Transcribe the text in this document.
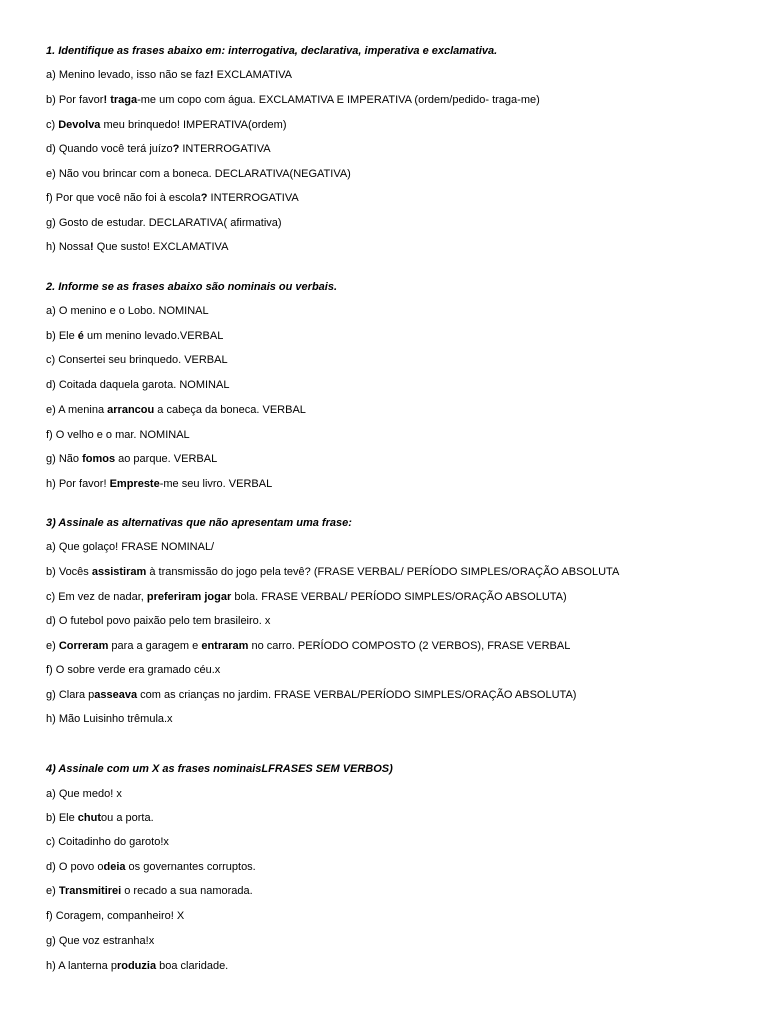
1. Identifique as frases abaixo em: interrogativa, declarativa, imperativa e exclamativa.
a) Menino levado, isso não se faz! EXCLAMATIVA
b) Por favor! traga-me um copo com água. EXCLAMATIVA E IMPERATIVA (ordem/pedido- traga-me)
c) Devolva meu brinquedo! IMPERATIVA(ordem)
d) Quando você terá juízo? INTERROGATIVA
e) Não vou brincar com a boneca. DECLARATIVA(NEGATIVA)
f) Por que você não foi à escola? INTERROGATIVA
g) Gosto de estudar. DECLARATIVA( afirmativa)
h) Nossa! Que susto! EXCLAMATIVA
2. Informe se as frases abaixo são nominais ou verbais.
a) O menino e o Lobo. NOMINAL
b) Ele é um menino levado.VERBAL
c) Consertei seu brinquedo. VERBAL
d) Coitada daquela garota. NOMINAL
e) A menina arrancou a cabeça da boneca. VERBAL
f) O velho e o mar. NOMINAL
g) Não fomos ao parque. VERBAL
h) Por favor! Empreste-me seu livro. VERBAL
3) Assinale as alternativas que não apresentam uma frase:
a) Que golaço! FRASE NOMINAL/
b) Vocês assistiram à transmissão do jogo pela tevê? (FRASE VERBAL/ PERÍODO SIMPLES/ORAÇÃO ABSOLUTA
c) Em vez de nadar, preferiram jogar bola. FRASE VERBAL/ PERÍODO SIMPLES/ORAÇÃO ABSOLUTA)
d) O futebol povo paixão pelo tem brasileiro. x
e) Correram para a garagem e entraram no carro. PERÍODO COMPOSTO (2 VERBOS), FRASE VERBAL
f) O sobre verde era gramado céu.x
g) Clara passeava com as crianças no jardim. FRASE VERBAL/PERÍODO SIMPLES/ORAÇÃO ABSOLUTA)
h) Mão Luisinho trêmula.x
4) Assinale com um X as frases nominaisLFRASES SEM VERBOS)
a) Que medo! x
b) Ele chutou a porta.
c) Coitadinho do garoto!x
d) O povo odeia os governantes corruptos.
e) Transmitirei o recado a sua namorada.
f) Coragem, companheiro! X
g) Que voz estranha!x
h) A lanterna produzia boa claridade.
